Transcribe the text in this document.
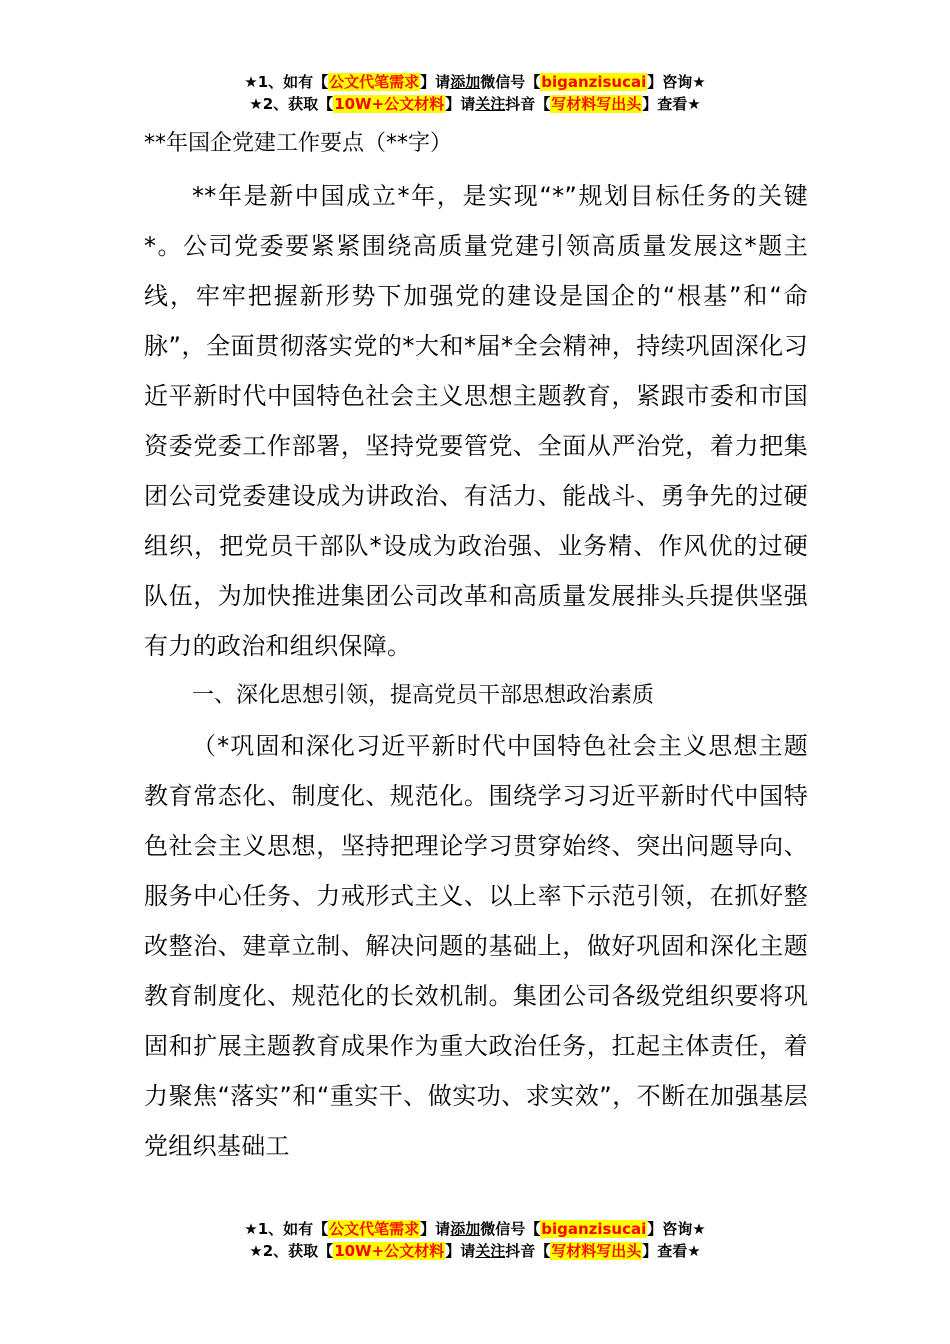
★1、如有【公文代笔需求】请添加微信号【biganzisucai】咨询★
★2、获取【10W+公文材料】请关注抖音【写材料写出头】查看★
**年国企党建工作要点（**字）

**年是新中国成立*年，是实现“*”规划目标任务的关键*。公司党委要紧紧围绕高质量党建引领高质量发展这*题主线，牢牢把握新形势下加强党的建设是国企的“根基”和“命脉”，全面贯彻落实党的*大和*届*全会精神，持续巩固深化习近平新时代中国特色社会主义思想主题教育，紧跟市委和市国资委党委工作部署，坚持党要管党、全面从严治党，着力把集团公司党委建设成为讲政治、有活力、能战斗、勇争先的过硬组织，把党员干部队*设成为政治强、业务精、作风优的过硬队伍，为加快推进集团公司改革和高质量发展排头兵提供坚强有力的政治和组织保障。

一、深化思想引领，提高党员干部思想政治素质

（*巩固和深化习近平新时代中国特色社会主义思想主题教育常态化、制度化、规范化。围绕学习习近平新时代中国特色社会主义思想，坚持把理论学习贯穿始终、突出问题导向、服务中心任务、力戒形式主义、以上率下示范引领，在抓好整改整治、建章立制、解决问题的基础上，做好巩固和深化主题教育制度化、规范化的长效机制。集团公司各级党组织要将巩固和扩展主题教育成果作为重大政治任务，扛起主体责任，着力聚焦“落实”和“重实干、做实功、求实效”，不断在加强基层党组织基础工

★1、如有【公文代笔需求】请添加微信号【biganzisucai】咨询★
★2、获取【10W+公文材料】请关注抖音【写材料写出头】查看★
